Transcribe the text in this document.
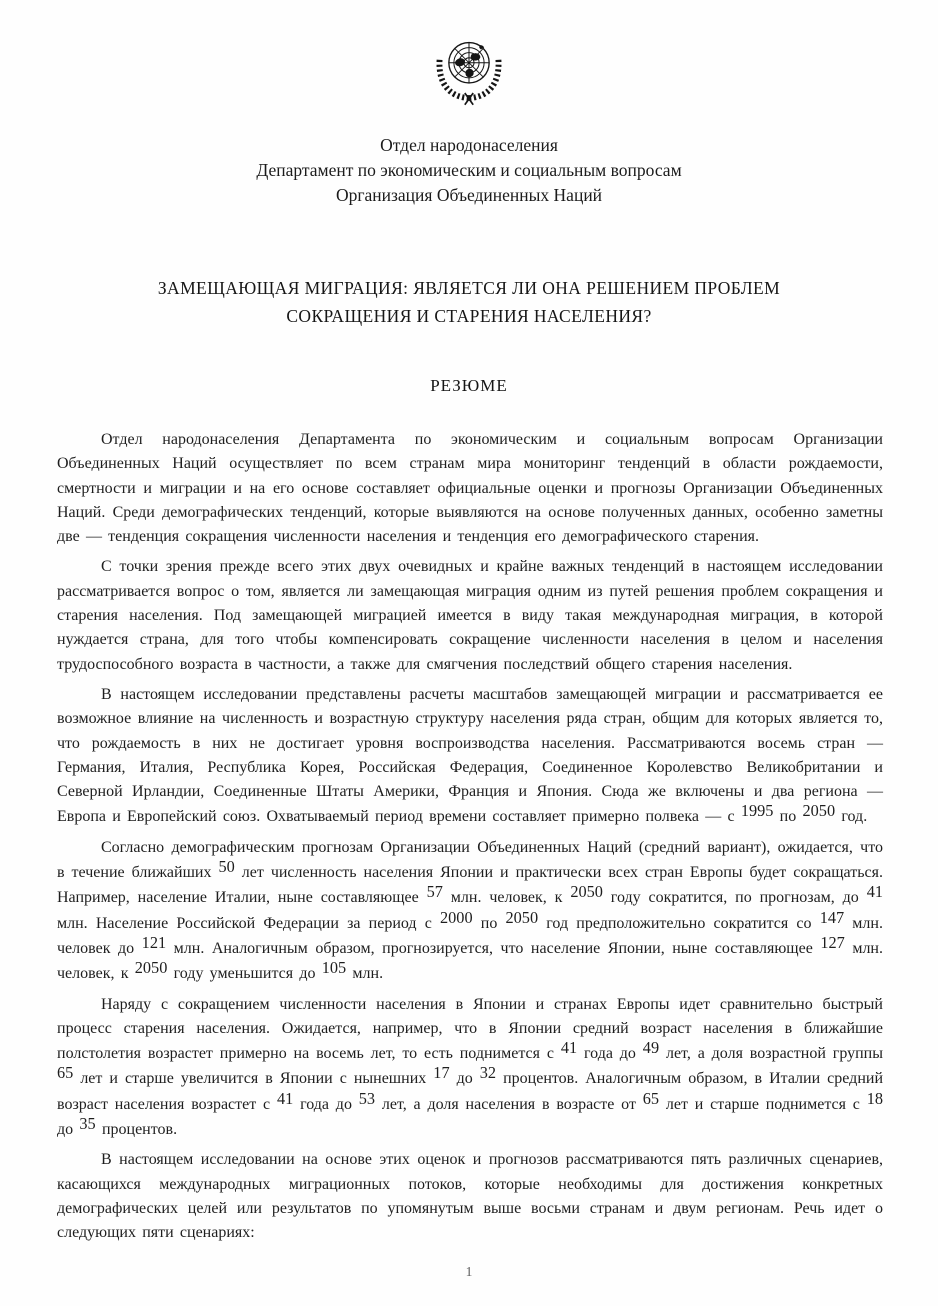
Отдел народонаселения
Департамент по экономическим и социальным вопросам
Организация Объединенных Наций
ЗАМЕЩАЮЩАЯ МИГРАЦИЯ: ЯВЛЯЕТСЯ ЛИ ОНА РЕШЕНИЕМ ПРОБЛЕМ
СОКРАЩЕНИЯ И СТАРЕНИЯ НАСЕЛЕНИЯ?
РЕЗЮМЕ

Отдел народонаселения Департамента по экономическим и социальным вопросам Организации Объединенных Наций осуществляет по всем странам мира мониторинг тенденций в области рождаемости, смертности и миграции и на его основе составляет официальные оценки и прогнозы Организации Объединенных Наций. Среди демографических тенденций, которые выявляются на основе полученных данных, особенно заметны две — тенденция сокращения численности населения и тенденция его демографического старения.

С точки зрения прежде всего этих двух очевидных и крайне важных тенденций в настоящем исследовании рассматривается вопрос о том, является ли замещающая миграция одним из путей решения проблем сокращения и старения населения. Под замещающей миграцией имеется в виду такая международная миграция, в которой нуждается страна, для того чтобы компенсировать сокращение численности населения в целом и населения трудоспособного возраста в частности, а также для смягчения последствий общего старения населения.

В настоящем исследовании представлены расчеты масштабов замещающей миграции и рассматривается ее возможное влияние на численность и возрастную структуру населения ряда стран, общим для которых является то, что рождаемость в них не достигает уровня воспроизводства населения. Рассматриваются восемь стран — Германия, Италия, Республика Корея, Российская Федерация, Соединенное Королевство Великобритании и Северной Ирландии, Соединенные Штаты Америки, Франция и Япония. Сюда же включены и два региона — Европа и Европейский союз. Охватываемый период времени составляет примерно полвека — с 1995 по 2050 год.

Согласно демографическим прогнозам Организации Объединенных Наций (средний вариант), ожидается, что в течение ближайших 50 лет численность населения Японии и практически всех стран Европы будет сокращаться. Например, население Италии, ныне составляющее 57 млн. человек, к 2050 году сократится, по прогнозам, до 41 млн. Население Российской Федерации за период с 2000 по 2050 год предположительно сократится со 147 млн. человек до 121 млн. Аналогичным образом, прогнозируется, что население Японии, ныне составляющее 127 млн. человек, к 2050 году уменьшится до 105 млн.

Наряду с сокращением численности населения в Японии и странах Европы идет сравнительно быстрый процесс старения населения. Ожидается, например, что в Японии средний возраст населения в ближайшие полстолетия возрастет примерно на восемь лет, то есть поднимется с 41 года до 49 лет, а доля возрастной группы 65 лет и старше увеличится в Японии с нынешних 17 до 32 процентов. Аналогичным образом, в Италии средний возраст населения возрастет с 41 года до 53 лет, а доля населения в возрасте от 65 лет и старше поднимется с 18 до 35 процентов.

В настоящем исследовании на основе этих оценок и прогнозов рассматриваются пять различных сценариев, касающихся международных миграционных потоков, которые необходимы для достижения конкретных демографических целей или результатов по упомянутым выше восьми странам и двум регионам. Речь идет о следующих пяти сценариях:

1
